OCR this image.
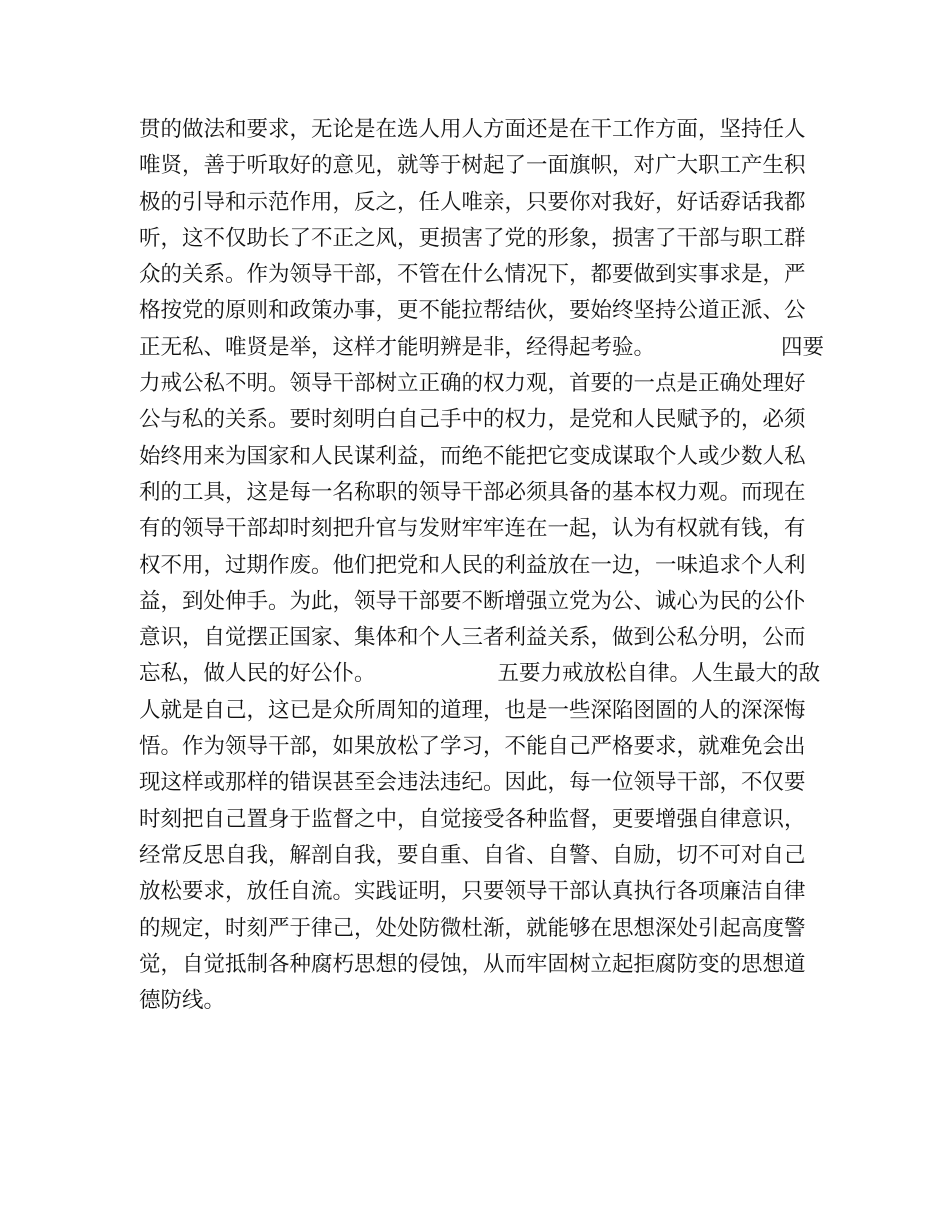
贯的做法和要求，无论是在选人用人方面还是在干工作方面，坚持任人
唯贤，善于听取好的意见，就等于树起了一面旗帜，对广大职工产生积
极的引导和示范作用，反之，任人唯亲，只要你对我好，好话孬话我都
听，这不仅助长了不正之风，更损害了党的形象，损害了干部与职工群
众的关系。作为领导干部，不管在什么情况下，都要做到实事求是，严
格按党的原则和政策办事，更不能拉帮结伙，要始终坚持公道正派、公
正无私、唯贤是举，这样才能明辨是非，经得起考验。	四要
力戒公私不明。领导干部树立正确的权力观，首要的一点是正确处理好
公与私的关系。要时刻明白自己手中的权力，是党和人民赋予的，必须
始终用来为国家和人民谋利益，而绝不能把它变成谋取个人或少数人私
利的工具，这是每一名称职的领导干部必须具备的基本权力观。而现在
有的领导干部却时刻把升官与发财牢牢连在一起，认为有权就有钱，有
权不用，过期作废。他们把党和人民的利益放在一边，一味追求个人利
益，到处伸手。为此，领导干部要不断增强立党为公、诚心为民的公仆
意识，自觉摆正国家、集体和个人三者利益关系，做到公私分明，公而
忘私，做人民的好公仆。	五要力戒放松自律。人生最大的敌
人就是自己，这已是众所周知的道理，也是一些深陷囹圄的人的深深悔
悟。作为领导干部，如果放松了学习，不能自己严格要求，就难免会出
现这样或那样的错误甚至会违法违纪。因此，每一位领导干部，不仅要
时刻把自己置身于监督之中，自觉接受各种监督，更要增强自律意识，
经常反思自我，解剖自我，要自重、自省、自警、自励，切不可对自己
放松要求，放任自流。实践证明，只要领导干部认真执行各项廉洁自律
的规定，时刻严于律己，处处防微杜渐，就能够在思想深处引起高度警
觉，自觉抵制各种腐朽思想的侵蚀，从而牢固树立起拒腐防变的思想道
德防线。
